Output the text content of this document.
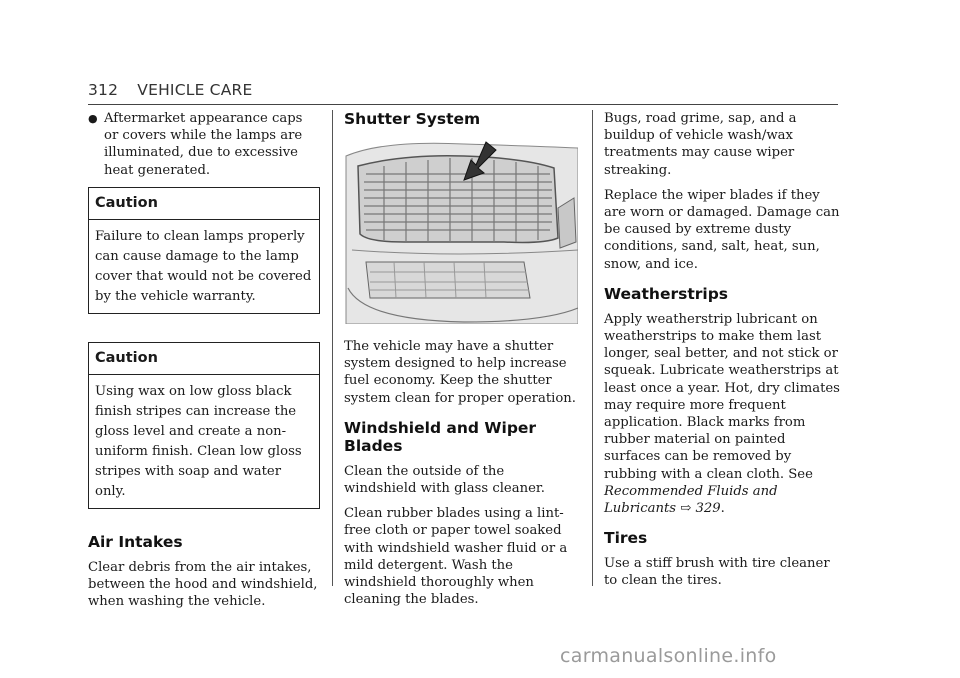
312 VEHICLE CARE
● Aftermarket appearance caps or covers while the lamps are illuminated, due to excessive heat generated.
Caution
Failure to clean lamps properly can cause damage to the lamp cover that would not be covered by the vehicle warranty.
Caution
Using wax on low gloss black finish stripes can increase the gloss level and create a non-uniform finish. Clean low gloss stripes with soap and water only.
Air Intakes

Clear debris from the air intakes, between the hood and windshield, when washing the vehicle.

Shutter System

The vehicle may have a shutter system designed to help increase fuel economy. Keep the shutter system clean for proper operation.

Windshield and Wiper Blades

Clean the outside of the windshield with glass cleaner.

Clean rubber blades using a lint-free cloth or paper towel soaked with windshield washer fluid or a mild detergent. Wash the windshield thoroughly when cleaning the blades.

Bugs, road grime, sap, and a buildup of vehicle wash/wax treatments may cause wiper streaking.

Replace the wiper blades if they are worn or damaged. Damage can be caused by extreme dusty conditions, sand, salt, heat, sun, snow, and ice.

Weatherstrips

Apply weatherstrip lubricant on weatherstrips to make them last longer, seal better, and not stick or squeak. Lubricate weatherstrips at least once a year. Hot, dry climates may require more frequent application. Black marks from rubber material on painted surfaces can be removed by rubbing with a clean cloth. See Recommended Fluids and Lubricants ⇨ 329.

Tires

Use a stiff brush with tire cleaner to clean the tires.

carmanualsonline.info
